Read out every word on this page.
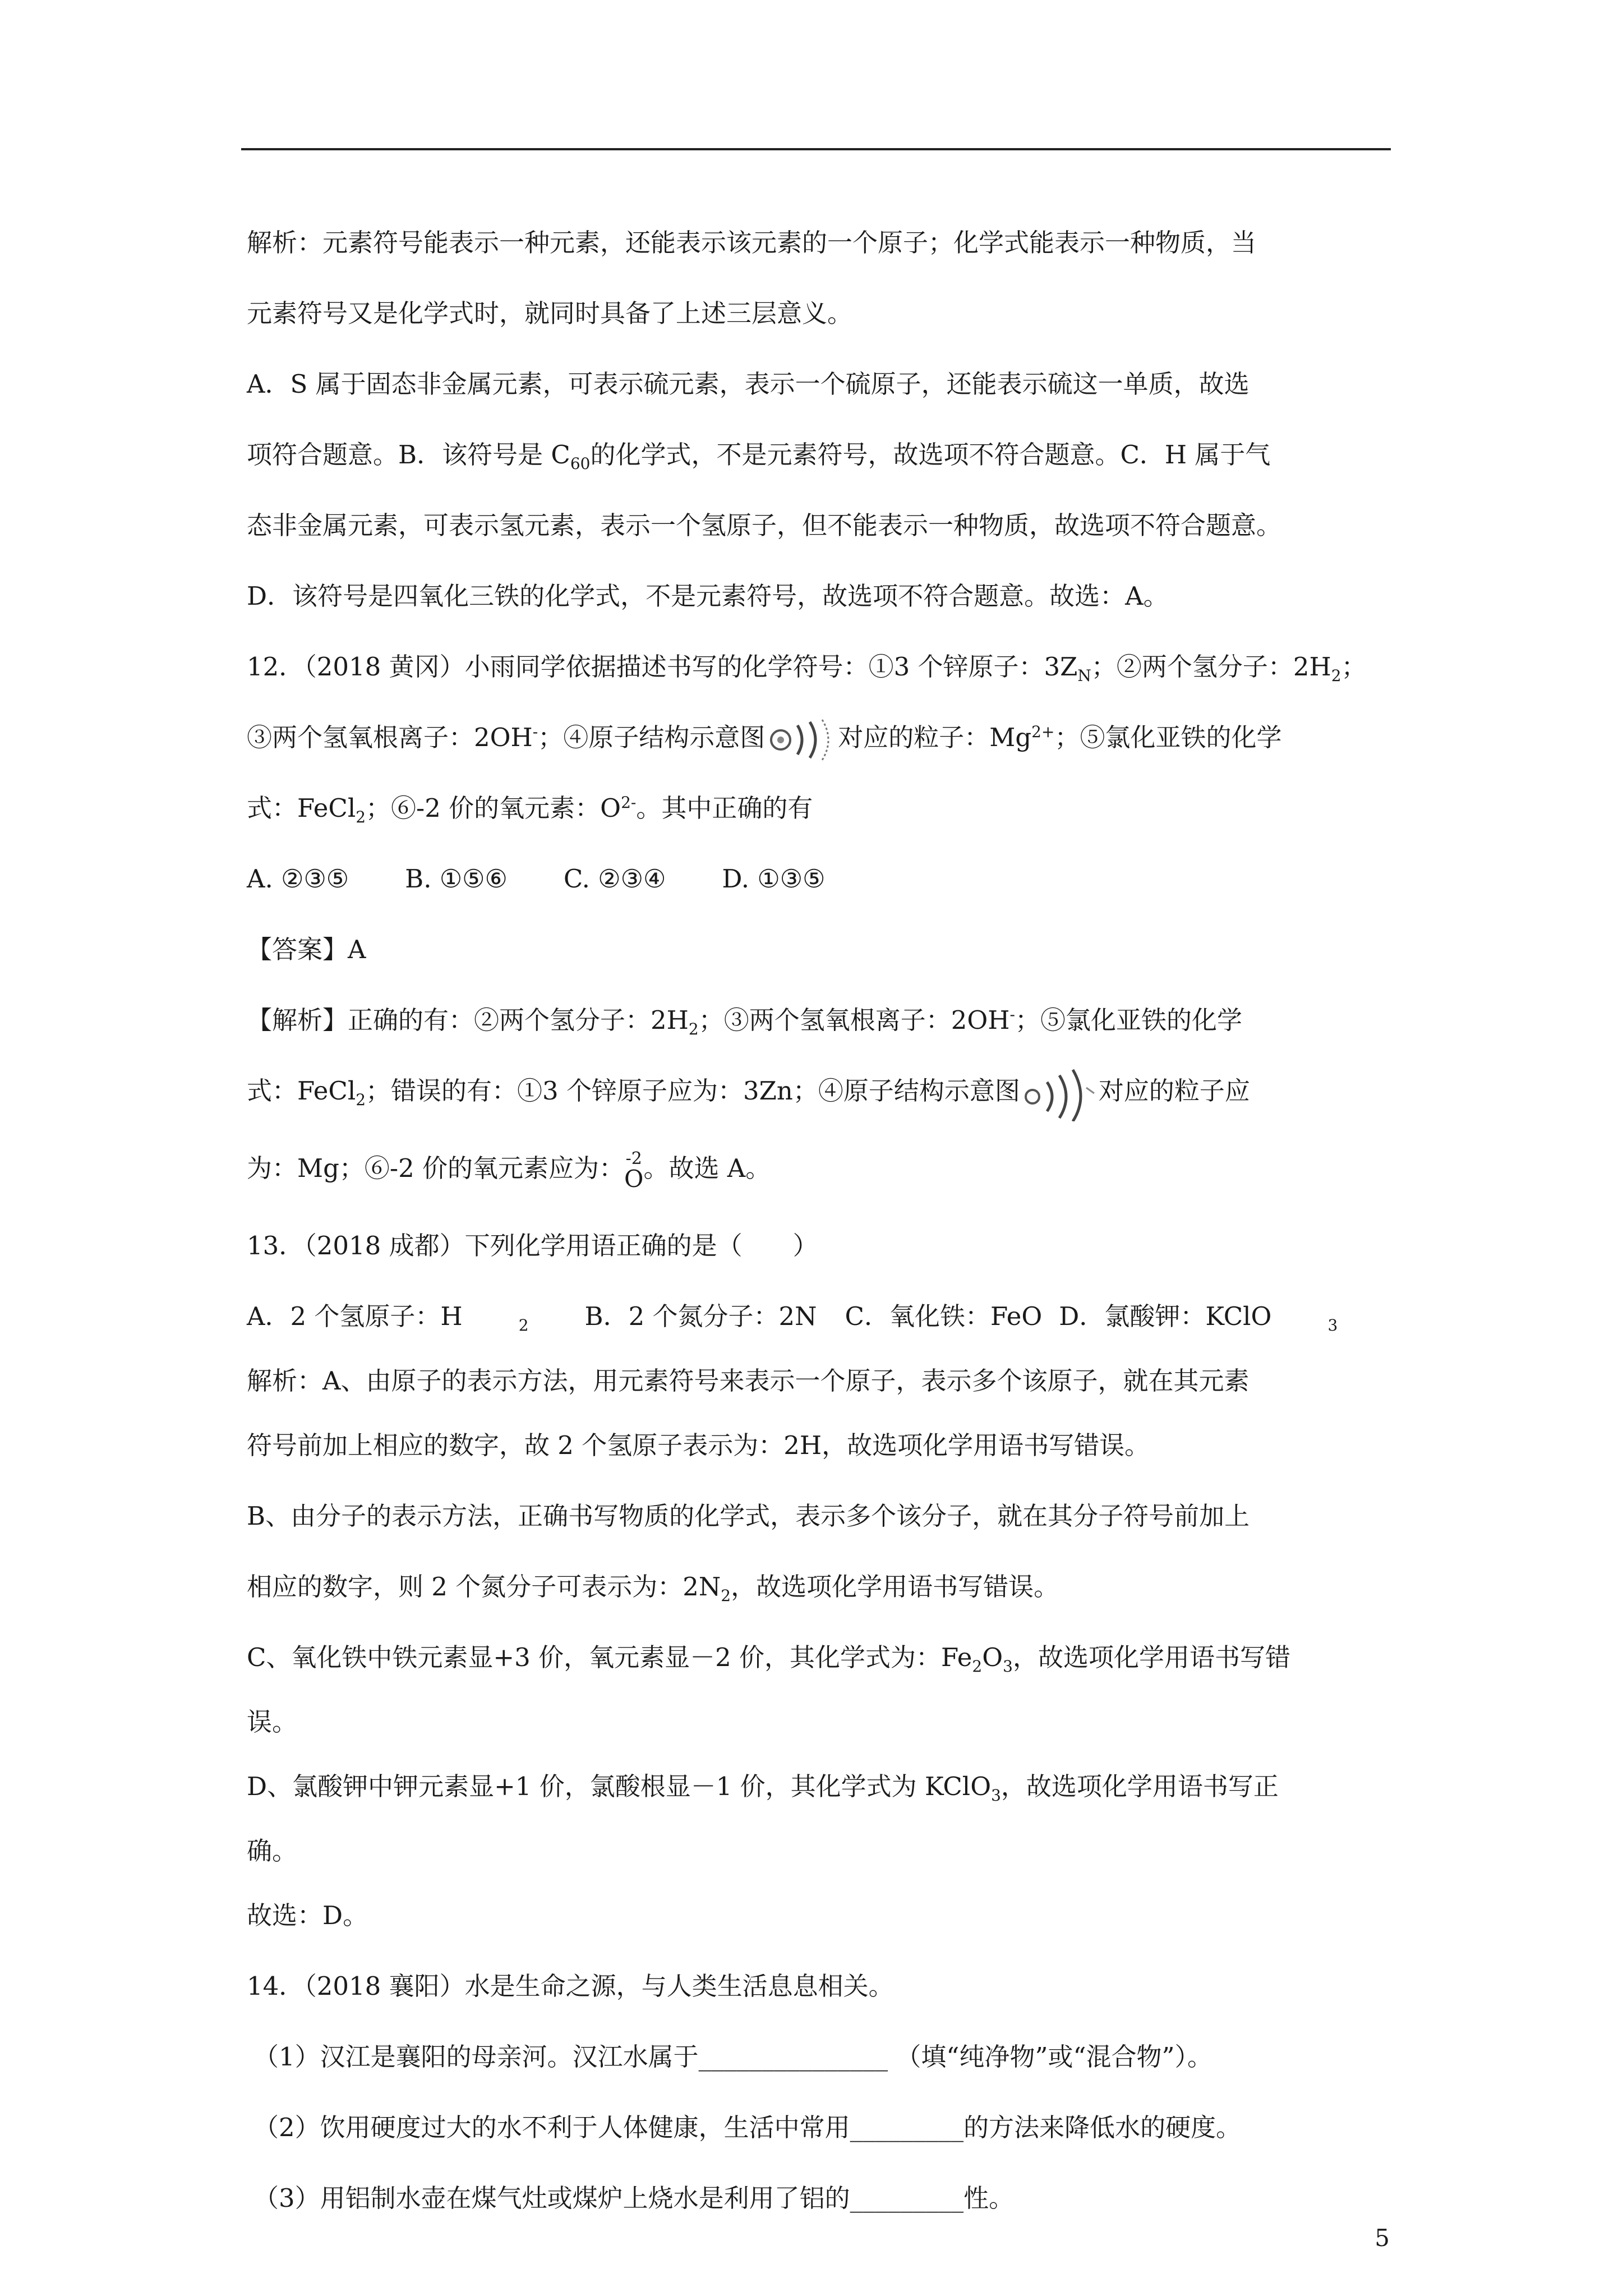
解析：元素符号能表示一种元素，还能表示该元素的一个原子；化学式能表示一种物质，当
元素符号又是化学式时，就同时具备了上述三层意义。
A．S 属于固态非金属元素，可表示硫元素，表示一个硫原子，还能表示硫这一单质，故选
项符合题意。B．该符号是 $C_{60}$的化学式，不是元素符号，故选项不符合题意。C．H 属于气
态非金属元素，可表示氢元素，表示一个氢原子，但不能表示一种物质，故选项不符合题意。
D．该符号是四氧化三铁的化学式，不是元素符号，故选项不符合题意。故选：A。
12．（2018 黄冈）小雨同学依据描述书写的化学符号：①3 个锌原子：$3Z_N$；②两个氢分子：$2H_2$；
③两个氢氧根离子：2OH-；④原子结构示意图	对应的粒子：$Mg^{2+}$；⑤氯化亚铁的化学
式：FeCl$_2$；⑥-2 价的氧元素：$O^{2-}$。其中正确的有
A. ②③⑤ B. ①⑤⑥ C. ②③④ D. ①③⑤
【答案】A
【解析】正确的有：②两个氢分子：$2H_2$；③两个氢氧根离子：2OH-；⑤氯化亚铁的化学
式：FeCl$_2$；错误的有：①3 个锌原子应为：3Zn；④原子结构示意图	对应的粒子应
为：Mg；⑥-2 价的氧元素应为： -2
O 。故选 A。
13．（2018 成都）下列化学用语正确的是（　　）
A．2 个氢原子：H	$_2$ B．2 个氮分子：2N C．氧化铁：FeO D．氯酸钾：KClO	$_3$
解析：A、由原子的表示方法，用元素符号来表示一个原子，表示多个该原子，就在其元素
符号前加上相应的数字，故 2 个氢原子表示为：2H，故选项化学用语书写错误。
B、由分子的表示方法，正确书写物质的化学式，表示多个该分子，就在其分子符号前加上
相应的数字，则 2 个氮分子可表示为：$2N_2$，故选项化学用语书写错误。
C、氧化铁中铁元素显+3 价，氧元素显－2 价，其化学式为：$Fe_2O_3$，故选项化学用语书写错
误。
D、氯酸钾中钾元素显+1 价，氯酸根显－1 价，其化学式为 KClO$_3$，故选项化学用语书写正
确。
故选：D。
14．（2018 襄阳）水是生命之源，与人类生活息息相关。
（1）汉江是襄阳的母亲河。汉江水属于_______________ （填“纯净物”或“混合物”）。
（2）饮用硬度过大的水不利于人体健康，生活中常用_________的方法来降低水的硬度。
（3）用铝制水壶在煤气灶或煤炉上烧水是利用了铝的_________性。
5
